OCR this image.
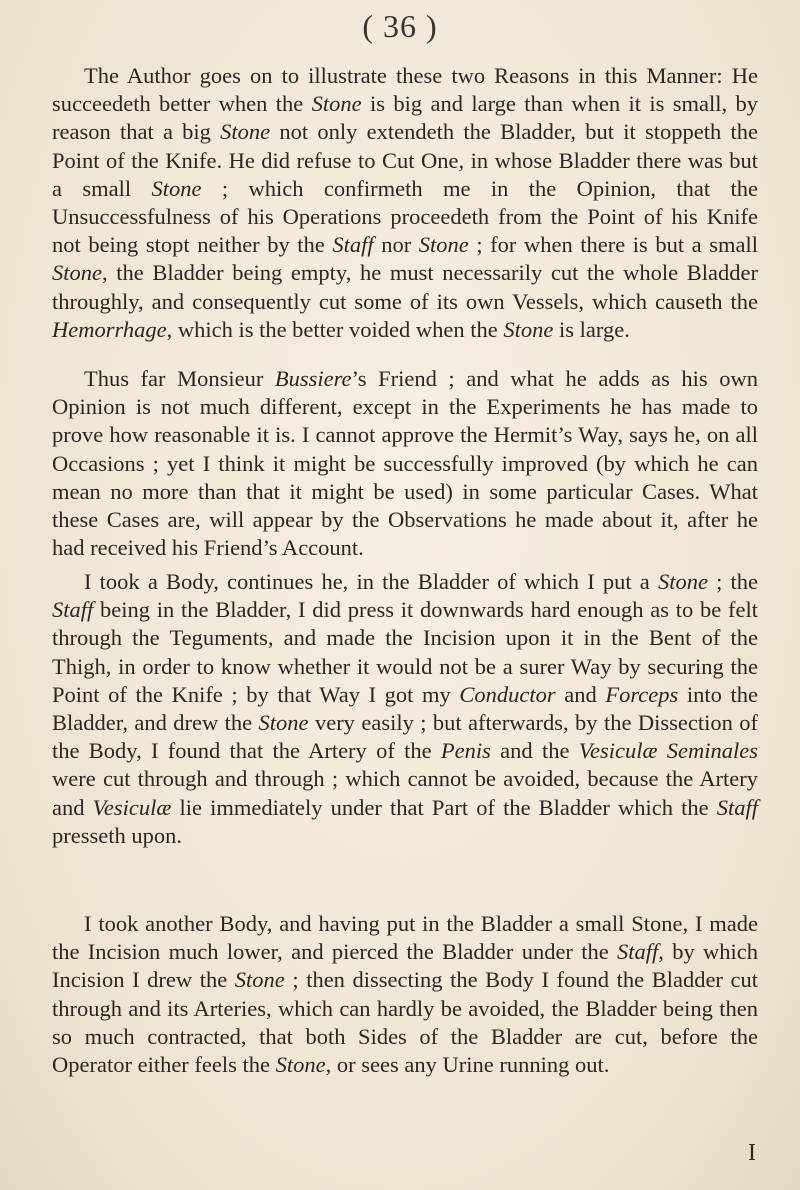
( 36 )

The Author goes on to illustrate these two Reasons in this Manner: He succeedeth better when the Stone is big and large than when it is small, by reason that a big Stone not only extendeth the Bladder, but it stoppeth the Point of the Knife. He did refuse to Cut One, in whose Bladder there was but a small Stone ; which confirmeth me in the Opinion, that the Unsuccessfulness of his Operations proceedeth from the Point of his Knife not being stopt neither by the Staff nor Stone ; for when there is but a small Stone, the Bladder being empty, he must necessarily cut the whole Bladder throughly, and consequently cut some of its own Vessels, which causeth the Hemorrhage, which is the better voided when the Stone is large.

Thus far Monsieur Bussiere’s Friend ; and what he adds as his own Opinion is not much different, except in the Experiments he has made to prove how reasonable it is. I cannot approve the Hermit’s Way, says he, on all Occasions ; yet I think it might be successfully improved (by which he can mean no more than that it might be used) in some particular Cases. What these Cases are, will appear by the Observations he made about it, after he had received his Friend’s Account.

I took a Body, continues he, in the Bladder of which I put a Stone ; the Staff being in the Bladder, I did press it downwards hard enough as to be felt through the Teguments, and made the Incision upon it in the Bent of the Thigh, in order to know whether it would not be a surer Way by securing the Point of the Knife ; by that Way I got my Conductor and Forceps into the Bladder, and drew the Stone very easily ; but afterwards, by the Dissection of the Body, I found that the Artery of the Penis and the Vesiculæ Seminales were cut through and through ; which cannot be avoided, because the Artery and Vesiculæ lie immediately under that Part of the Bladder which the Staff presseth upon.

I took another Body, and having put in the Bladder a small Stone, I made the Incision much lower, and pierced the Bladder under the Staff, by which Incision I drew the Stone ; then dissecting the Body I found the Bladder cut through and its Arteries, which can hardly be avoided, the Bladder being then so much contracted, that both Sides of the Bladder are cut, before the Operator either feels the Stone, or sees any Urine running out.

I
